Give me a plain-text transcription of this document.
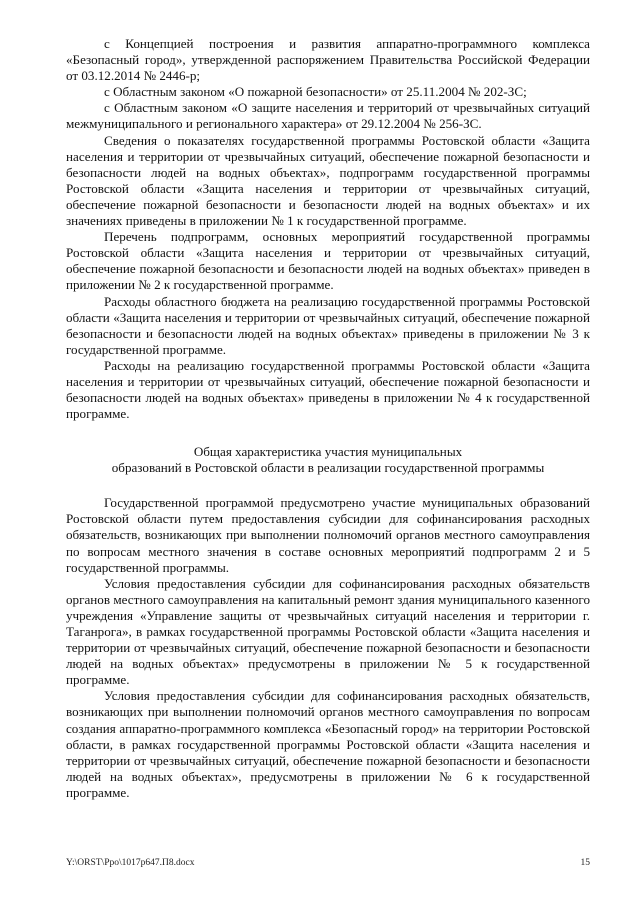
с Концепцией построения и развития аппаратно-программного комплекса «Безопасный город», утвержденной распоряжением Правительства Российской Федерации от 03.12.2014 № 2446-р;

с Областным законом «О пожарной безопасности» от 25.11.2004 № 202-ЗС;

с Областным законом «О защите населения и территорий от чрезвычайных ситуаций межмуниципального и регионального характера» от 29.12.2004 № 256-ЗС.

Сведения о показателях государственной программы Ростовской области «Защита населения и территории от чрезвычайных ситуаций, обеспечение пожарной безопасности и безопасности людей на водных объектах», подпрограмм государственной программы Ростовской области «Защита населения и территории от чрезвычайных ситуаций, обеспечение пожарной безопасности и безопасности людей на водных объектах» и их значениях приведены в приложении № 1 к государственной программе.

Перечень подпрограмм, основных мероприятий государственной программы Ростовской области «Защита населения и территории от чрезвычайных ситуаций, обеспечение пожарной безопасности и безопасности людей на водных объектах» приведен в приложении № 2 к государственной программе.

Расходы областного бюджета на реализацию государственной программы Ростовской области «Защита населения и территории от чрезвычайных ситуаций, обеспечение пожарной безопасности и безопасности людей на водных объектах» приведены в приложении № 3 к государственной программе.

Расходы на реализацию государственной программы Ростовской области «Защита населения и территории от чрезвычайных ситуаций, обеспечение пожарной безопасности и безопасности людей на водных объектах» приведены в приложении № 4 к государственной программе.

Общая характеристика участия муниципальных
образований в Ростовской области в реализации государственной программы

Государственной программой предусмотрено участие муниципальных образований Ростовской области путем предоставления субсидии для софинансирования расходных обязательств, возникающих при выполнении полномочий органов местного самоуправления по вопросам местного значения в составе основных мероприятий подпрограмм 2 и 5 государственной программы.

Условия предоставления субсидии для софинансирования расходных обязательств органов местного самоуправления на капитальный ремонт здания муниципального казенного учреждения «Управление защиты от чрезвычайных ситуаций населения и территории г. Таганрога», в рамках государственной программы Ростовской области «Защита населения и территории от чрезвычайных ситуаций, обеспечение пожарной безопасности и безопасности людей на водных объектах» предусмотрены в приложении № 5 к государственной программе.

Условия предоставления субсидии для софинансирования расходных обязательств, возникающих при выполнении полномочий органов местного самоуправления по вопросам создания аппаратно-программного комплекса «Безопасный город» на территории Ростовской области, в рамках государственной программы Ростовской области «Защита населения и территории от чрезвычайных ситуаций, обеспечение пожарной безопасности и безопасности людей на водных объектах», предусмотрены в приложении № 6 к государственной программе.

Y:\ORST\Ppo\1017p647.П8.docx	15
